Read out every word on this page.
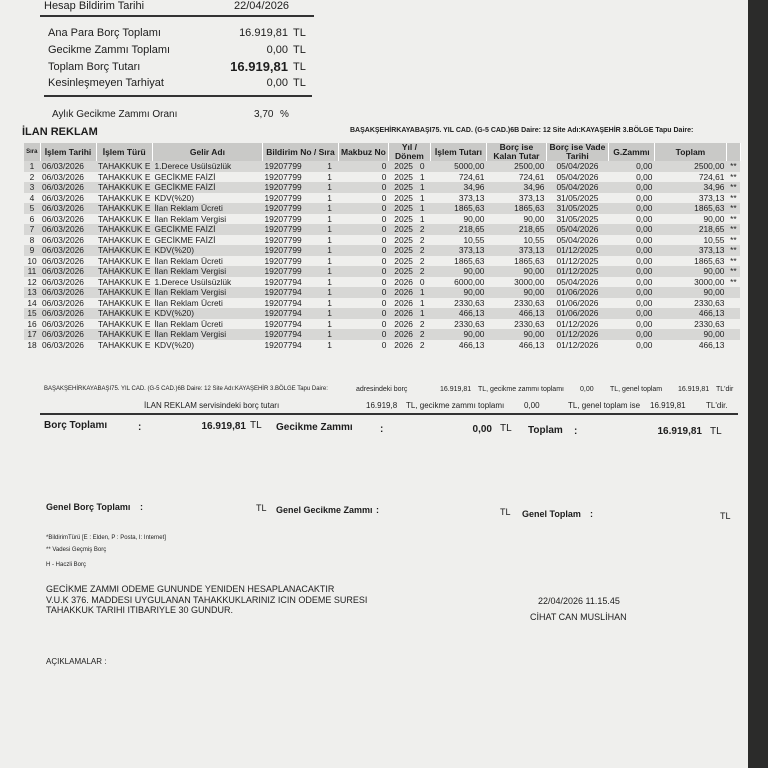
Hesap Bildirim Tarihi	22/04/2026
Ana Para Borç Toplamı	16.919,81 TL
Gecikme Zammı Toplamı	0,00 TL
Toplam Borç Tutarı	16.919,81 TL
Kesinleşmeyen Tarhiyat	0,00 TL
Aylık Gecikme Zammı Oranı	3,70 %
İLAN REKLAM	BAŞAKŞEHİRKAYABAŞI75. YIL CAD. (G-5 CAD.)6B Daire: 12 Site Adı:KAYAŞEHİR 3.BÖLGE Tapu Daire:
Sıra	İşlem Tarihi	İşlem Türü	Gelir Adı	Bildirim No / Sıra	Makbuz No	Yıl / Dönem	İşlem Tutarı	Borç ise Kalan Tutar	Borç ise Vade Tarihi	G.Zammı	Toplam	
1	06/03/2026	TAHAKKUK E	1.Derece Usülsüzlük	19207799           1	0	2025   0	5000,00	2500,00	05/04/2026	0,00	2500,00	**
2	06/03/2026	TAHAKKUK E	GECİKME FAİZİ	19207799           1	0	2025   1	724,61	724,61	05/04/2026	0,00	724,61	**
3	06/03/2026	TAHAKKUK E	GECİKME FAİZİ	19207799           1	0	2025   1	34,96	34,96	05/04/2026	0,00	34,96	**
4	06/03/2026	TAHAKKUK E	KDV(%20)	19207799           1	0	2025   1	373,13	373,13	31/05/2025	0,00	373,13	**
5	06/03/2026	TAHAKKUK E	İlan Reklam Ücreti	19207799           1	0	2025   1	1865,63	1865,63	31/05/2025	0,00	1865,63	**
6	06/03/2026	TAHAKKUK E	İlan Reklam Vergisi	19207799           1	0	2025   1	90,00	90,00	31/05/2025	0,00	90,00	**
7	06/03/2026	TAHAKKUK E	GECİKME FAİZİ	19207799           1	0	2025   2	218,65	218,65	05/04/2026	0,00	218,65	**
8	06/03/2026	TAHAKKUK E	GECİKME FAİZİ	19207799           1	0	2025   2	10,55	10,55	05/04/2026	0,00	10,55	**
9	06/03/2026	TAHAKKUK E	KDV(%20)	19207799           1	0	2025   2	373,13	373,13	01/12/2025	0,00	373,13	**
10	06/03/2026	TAHAKKUK E	İlan Reklam Ücreti	19207799           1	0	2025   2	1865,63	1865,63	01/12/2025	0,00	1865,63	**
11	06/03/2026	TAHAKKUK E	İlan Reklam Vergisi	19207799           1	0	2025   2	90,00	90,00	01/12/2025	0,00	90,00	**
12	06/03/2026	TAHAKKUK E	1.Derece Usülsüzlük	19207794           1	0	2026   0	6000,00	3000,00	05/04/2026	0,00	3000,00	**
13	06/03/2026	TAHAKKUK E	İlan Reklam Vergisi	19207794           1	0	2026   1	90,00	90,00	01/06/2026	0,00	90,00	
14	06/03/2026	TAHAKKUK E	İlan Reklam Ücreti	19207794           1	0	2026   1	2330,63	2330,63	01/06/2026	0,00	2330,63	
15	06/03/2026	TAHAKKUK E	KDV(%20)	19207794           1	0	2026   1	466,13	466,13	01/06/2026	0,00	466,13	
16	06/03/2026	TAHAKKUK E	İlan Reklam Ücreti	19207794           1	0	2026   2	2330,63	2330,63	01/12/2026	0,00	2330,63	
17	06/03/2026	TAHAKKUK E	İlan Reklam Vergisi	19207794           1	0	2026   2	90,00	90,00	01/12/2026	0,00	90,00	
18	06/03/2026	TAHAKKUK E	KDV(%20)	19207794           1	0	2026   2	466,13	466,13	01/12/2026	0,00	466,13	
BAŞAKŞEHİRKAYABAŞI75. YIL CAD. (G-5 CAD.)6B Daire: 12 Site Adı:KAYAŞEHİR 3.BÖLGE Tapu Daire:	adresindeki borç	16.919,81 TL, gecikme zammı toplamı 0,00 TL, genel toplam 16.919,81 TL'dir
İLAN REKLAM servisindeki borç tutarı	16.919,8 TL, gecikme zammı toplamı 0,00	TL, genel toplam ise 16.919,81	TL'dir.
Borç Toplamı	:	16.919,81 TL Gecikme Zammı	:	0,00 TL Toplam :	16.919,81 TL
Genel Borç Toplamı :	TL Genel Gecikme Zammı :	TL Genel Toplam :	TL
*BildirimTürü [E : Elden, P : Posta, I: Internet]
** Vadesi Geçmiş Borç
H - Haczli Borç
GECİKME ZAMMI ODEME GUNUNDE YENIDEN HESAPLANACAKTIR
V.U.K 376. MADDESI UYGULANAN TAHAKKUKLARINIZ ICIN ODEME SURESI
TAHAKKUK TARIHI ITIBARIYLE 30 GUNDUR.
22/04/2026 11.15.45
CİHAT CAN MUSLİHAN
AÇIKLAMALAR :
